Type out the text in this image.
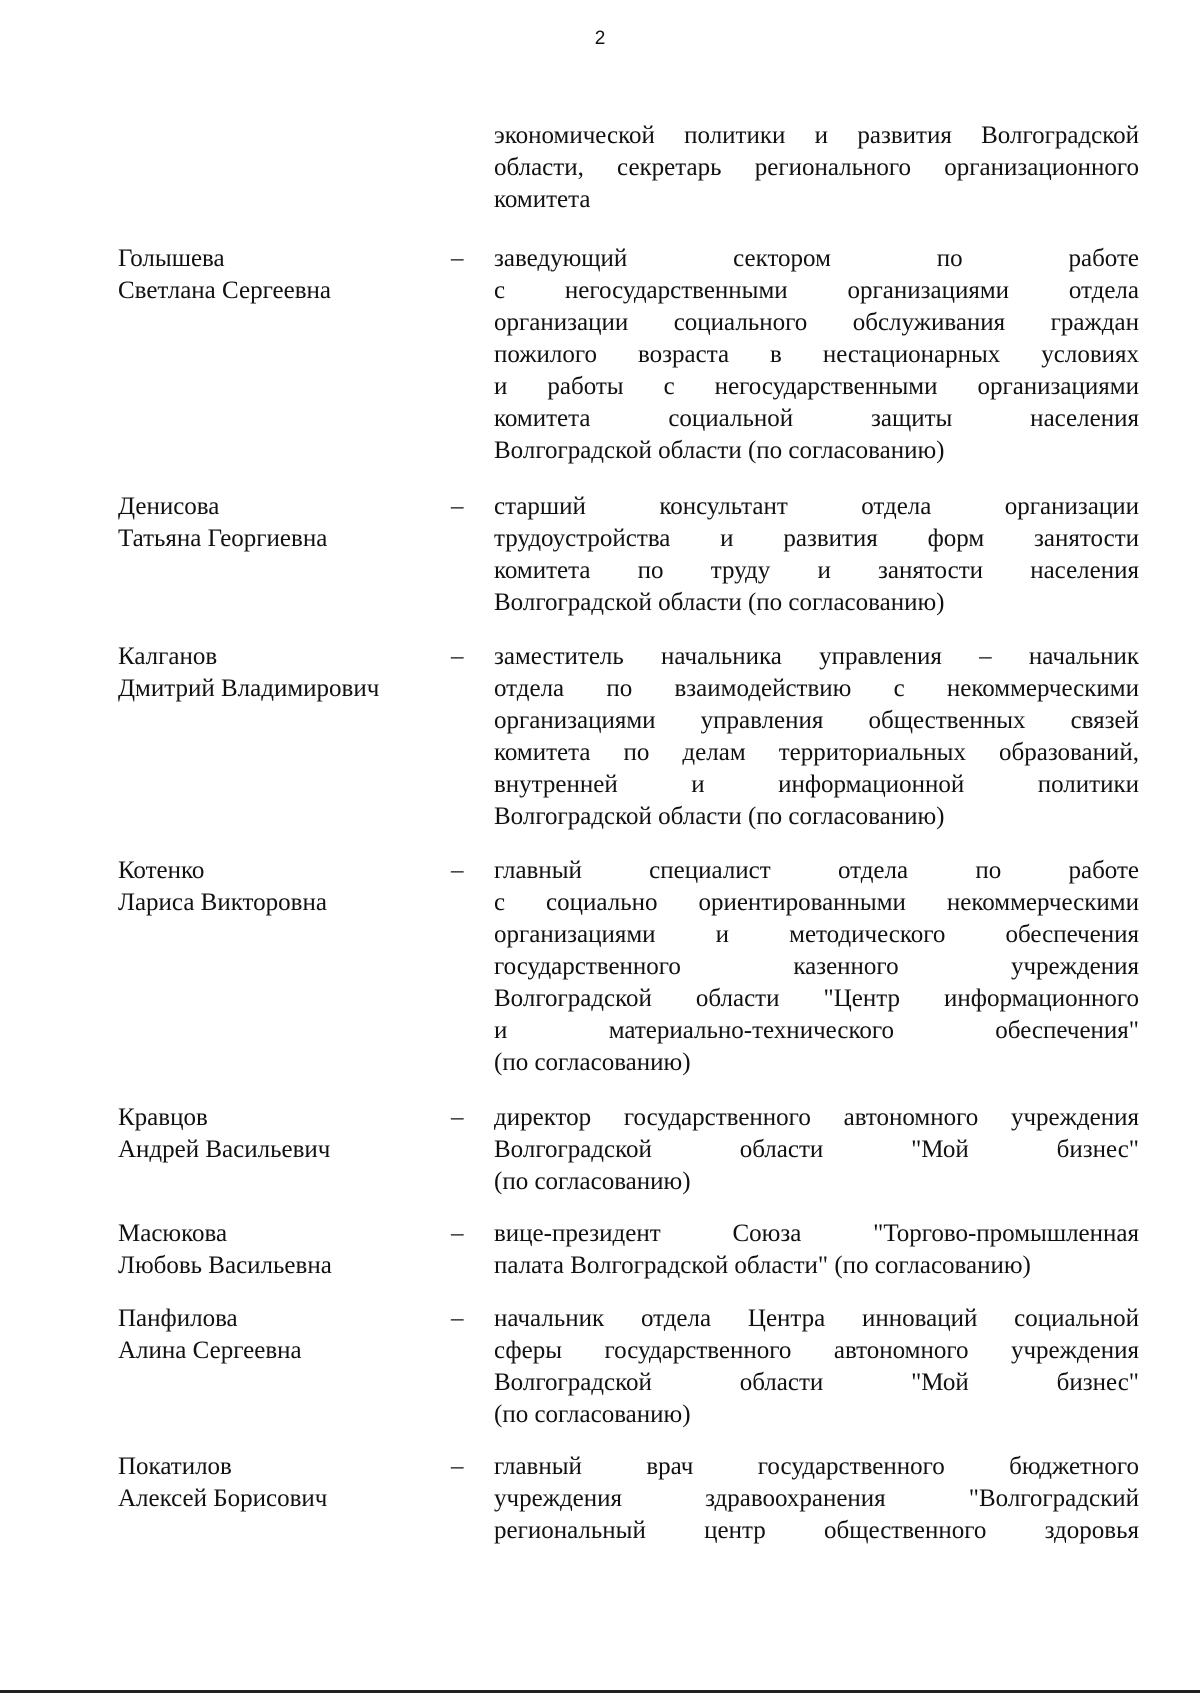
2
экономической политики и развития Волгоградской
области, секретарь регионального организационного
комитета
Голышева
Светлана Сергеевна
– заведующий сектором по работе
с негосударственными организациями отдела
организации социального обслуживания граждан
пожилого возраста в нестационарных условиях
и работы с негосударственными организациями
комитета социальной защиты населения
Волгоградской области (по согласованию)
Денисова
Татьяна Георгиевна
– старший консультант отдела организации
трудоустройства и развития форм занятости
комитета по труду и занятости населения
Волгоградской области (по согласованию)
Калганов
Дмитрий Владимирович
– заместитель начальника управления – начальник
отдела по взаимодействию с некоммерческими
организациями управления общественных связей
комитета по делам территориальных образований,
внутренней и информационной политики
Волгоградской области (по согласованию)
Котенко
Лариса Викторовна
– главный специалист отдела по работе
с социально ориентированными некоммерческими
организациями и методического обеспечения
государственного казенного учреждения
Волгоградской области "Центр информационного
и материально-технического обеспечения"
(по согласованию)
Кравцов
Андрей Васильевич
– директор государственного автономного учреждения
Волгоградской области "Мой бизнес"
(по согласованию)
Масюкова
Любовь Васильевна
– вице-президент Союза "Торгово-промышленная
палата Волгоградской области" (по согласованию)
Панфилова
Алина Сергеевна
– начальник отдела Центра инноваций социальной
сферы государственного автономного учреждения
Волгоградской области "Мой бизнес"
(по согласованию)
Покатилов
Алексей Борисович
– главный врач государственного бюджетного
учреждения здравоохранения "Волгоградский
региональный центр общественного здоровья
